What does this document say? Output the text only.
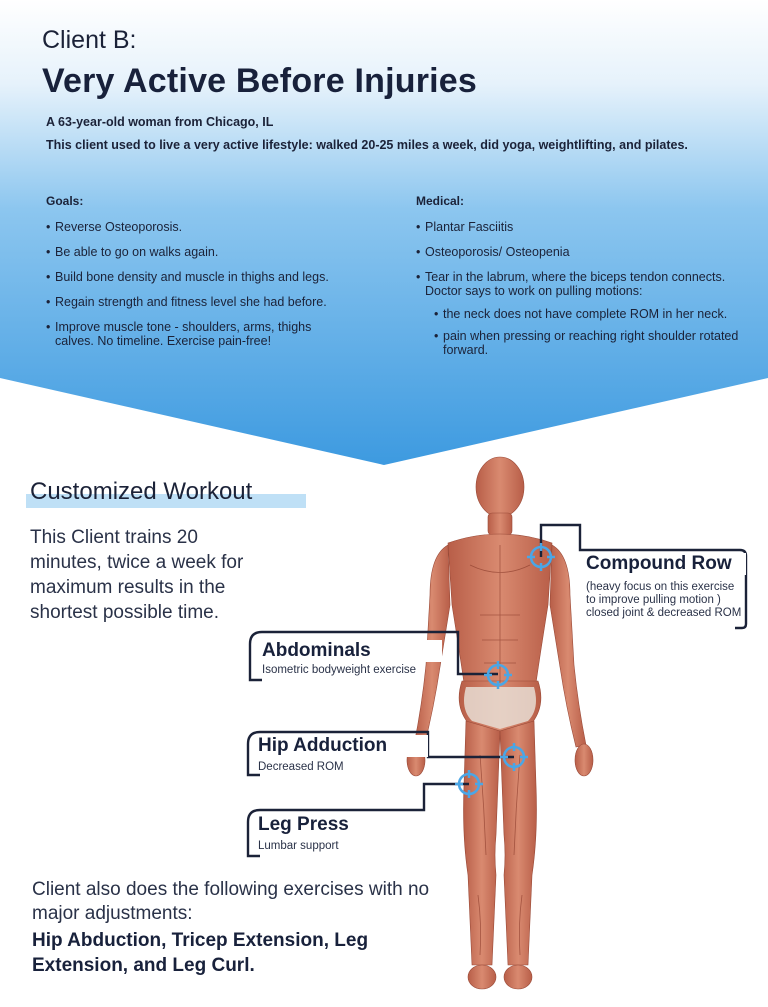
Client B:
Very Active Before Injuries
A 63-year-old woman from Chicago, IL
This client used to live a very active lifestyle: walked 20-25 miles a week, did yoga, weightlifting, and pilates.
Goals:
• Reverse Osteoporosis.
• Be able to go on walks again.
• Build bone density and muscle in thighs and legs.
• Regain strength and fitness level she had before.
• Improve muscle tone - shoulders, arms, thighs calves. No timeline. Exercise pain-free!
Medical:
• Plantar Fasciitis
• Osteoporosis/ Osteopenia
• Tear in the labrum, where the biceps tendon connects. Doctor says to work on pulling motions:
• the neck does not have complete ROM in her neck.
• pain when pressing or reaching right shoulder rotated forward.
Customized Workout
This Client trains 20 minutes, twice a week for maximum results in the shortest possible time.
Compound Row
(heavy focus on this exercise to improve pulling motion ) closed joint & decreased ROM
Abdominals
Isometric bodyweight exercise
Hip Adduction
Decreased ROM
Leg Press
Lumbar support
Client also does the following exercises with no major adjustments:
Hip Abduction, Tricep Extension, Leg Extension, and Leg Curl.
